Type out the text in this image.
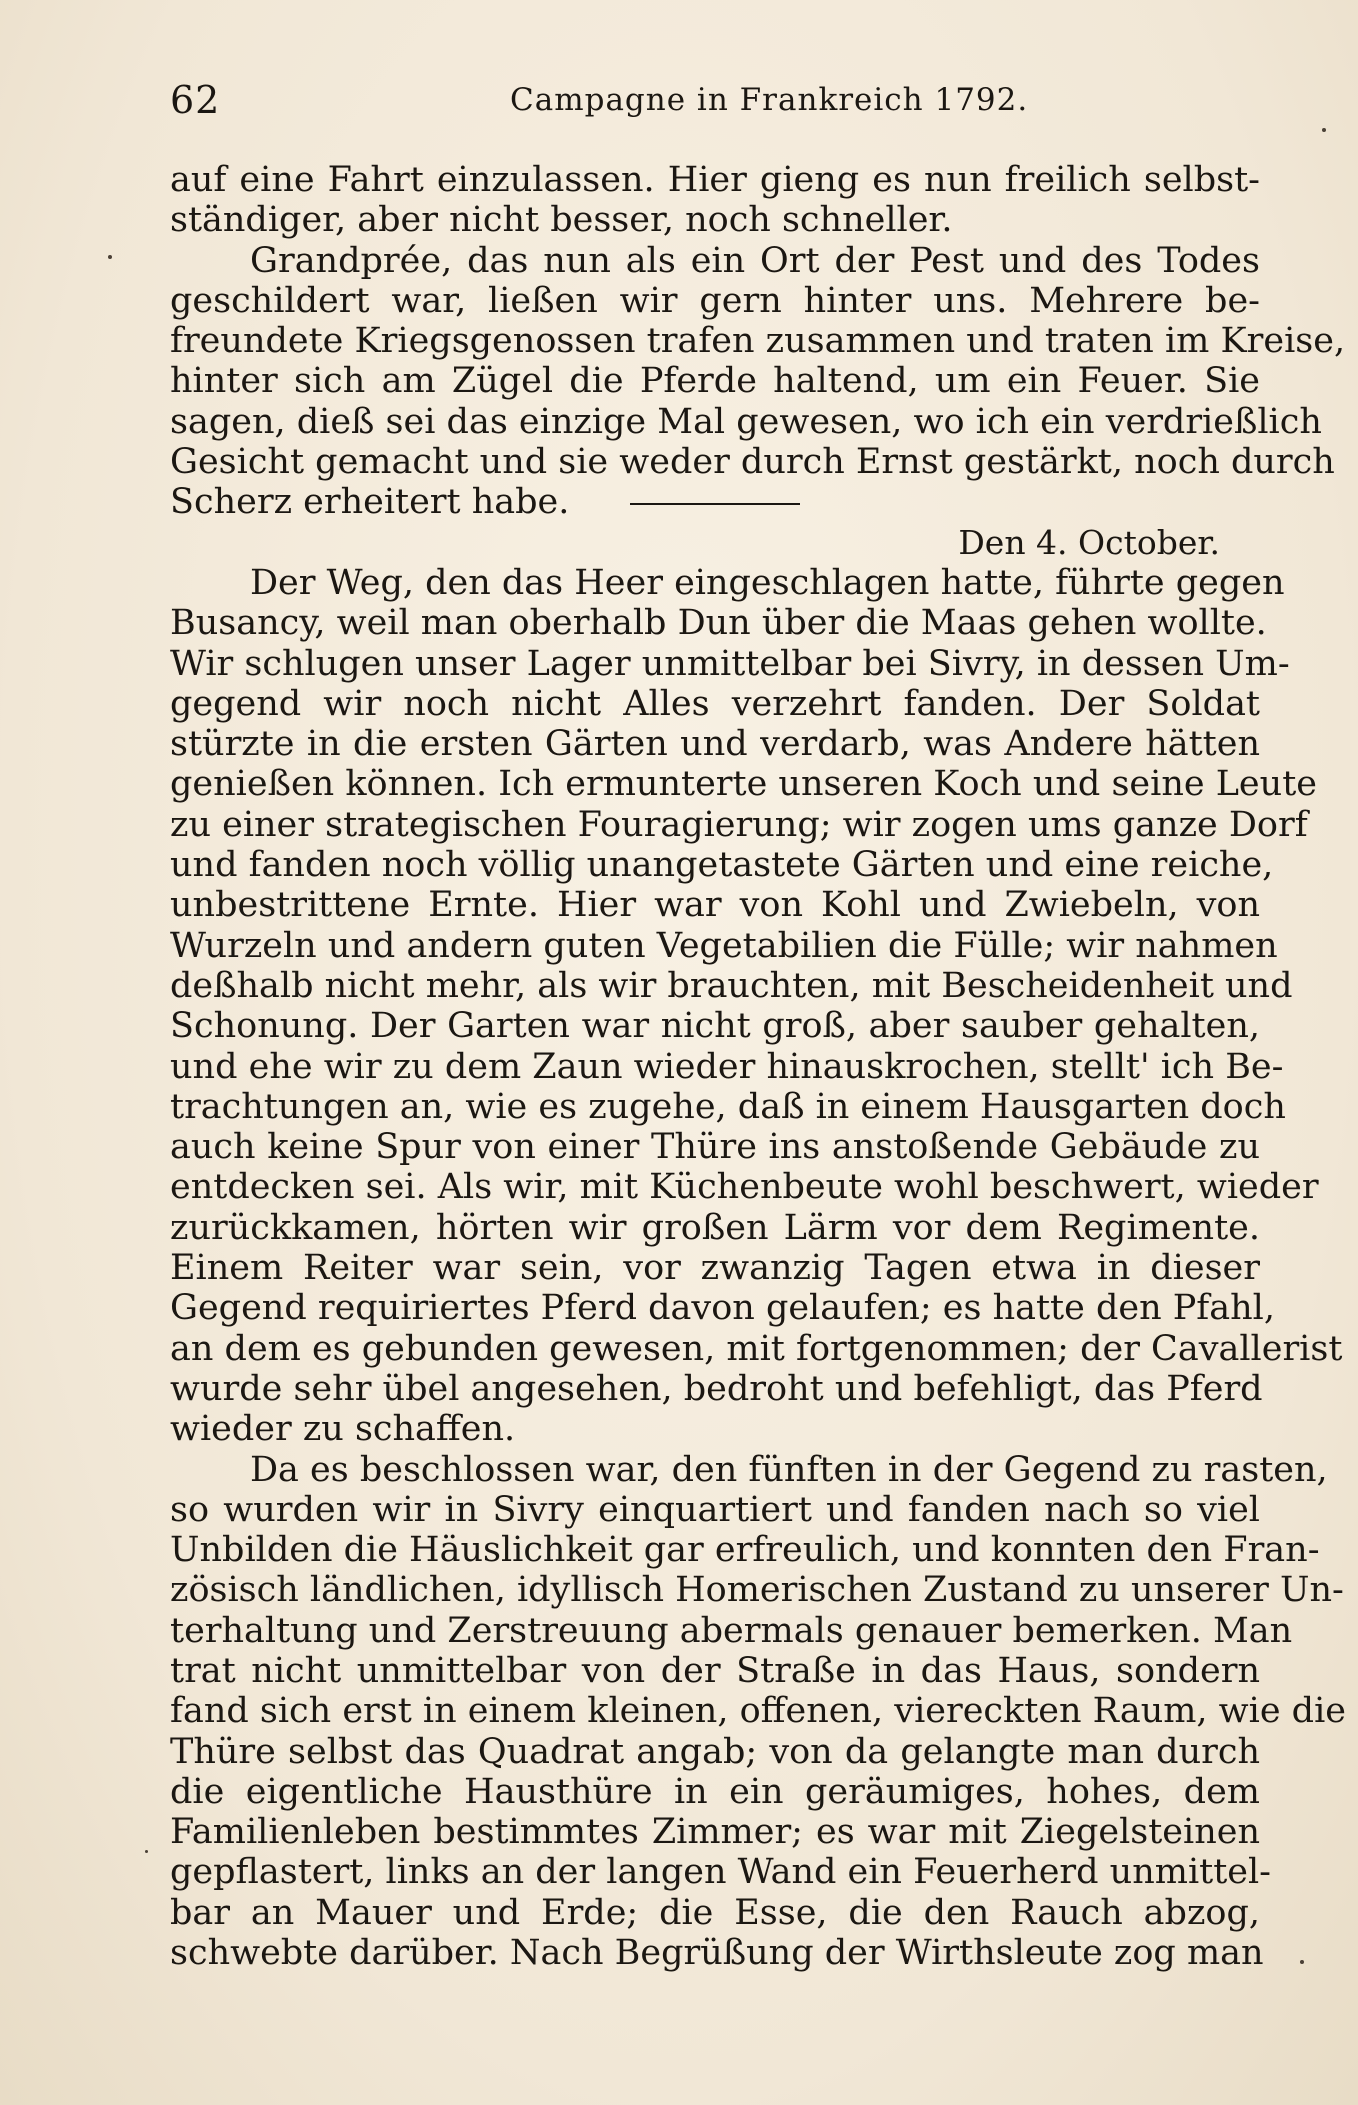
62	Campagne in Frankreich 1792.
auf eine Fahrt einzulassen. Hier gieng es nun freilich selbst-
ständiger, aber nicht besser, noch schneller.
Grandprée, das nun als ein Ort der Pest und des Todes
geschildert war, ließen wir gern hinter uns. Mehrere be-
freundete Kriegsgenossen trafen zusammen und traten im Kreise,
hinter sich am Zügel die Pferde haltend, um ein Feuer. Sie
sagen, dieß sei das einzige Mal gewesen, wo ich ein verdrießlich
Gesicht gemacht und sie weder durch Ernst gestärkt, noch durch
Scherz erheitert habe.
Den 4. October.
Der Weg, den das Heer eingeschlagen hatte, führte gegen
Busancy, weil man oberhalb Dun über die Maas gehen wollte.
Wir schlugen unser Lager unmittelbar bei Sivry, in dessen Um-
gegend wir noch nicht Alles verzehrt fanden. Der Soldat
stürzte in die ersten Gärten und verdarb, was Andere hätten
genießen können. Ich ermunterte unseren Koch und seine Leute
zu einer strategischen Fouragierung; wir zogen ums ganze Dorf
und fanden noch völlig unangetastete Gärten und eine reiche,
unbestrittene Ernte. Hier war von Kohl und Zwiebeln, von
Wurzeln und andern guten Vegetabilien die Fülle; wir nahmen
deßhalb nicht mehr, als wir brauchten, mit Bescheidenheit und
Schonung. Der Garten war nicht groß, aber sauber gehalten,
und ehe wir zu dem Zaun wieder hinauskrochen, stellt' ich Be-
trachtungen an, wie es zugehe, daß in einem Hausgarten doch
auch keine Spur von einer Thüre ins anstoßende Gebäude zu
entdecken sei. Als wir, mit Küchenbeute wohl beschwert, wieder
zurückkamen, hörten wir großen Lärm vor dem Regimente.
Einem Reiter war sein, vor zwanzig Tagen etwa in dieser
Gegend requiriertes Pferd davon gelaufen; es hatte den Pfahl,
an dem es gebunden gewesen, mit fortgenommen; der Cavallerist
wurde sehr übel angesehen, bedroht und befehligt, das Pferd
wieder zu schaffen.
Da es beschlossen war, den fünften in der Gegend zu rasten,
so wurden wir in Sivry einquartiert und fanden nach so viel
Unbilden die Häuslichkeit gar erfreulich, und konnten den Fran-
zösisch ländlichen, idyllisch Homerischen Zustand zu unserer Un-
terhaltung und Zerstreuung abermals genauer bemerken. Man
trat nicht unmittelbar von der Straße in das Haus, sondern
fand sich erst in einem kleinen, offenen, viereckten Raum, wie die
Thüre selbst das Quadrat angab; von da gelangte man durch
die eigentliche Hausthüre in ein geräumiges, hohes, dem
Familienleben bestimmtes Zimmer; es war mit Ziegelsteinen
gepflastert, links an der langen Wand ein Feuerherd unmittel-
bar an Mauer und Erde; die Esse, die den Rauch abzog,
schwebte darüber. Nach Begrüßung der Wirthsleute zog man
